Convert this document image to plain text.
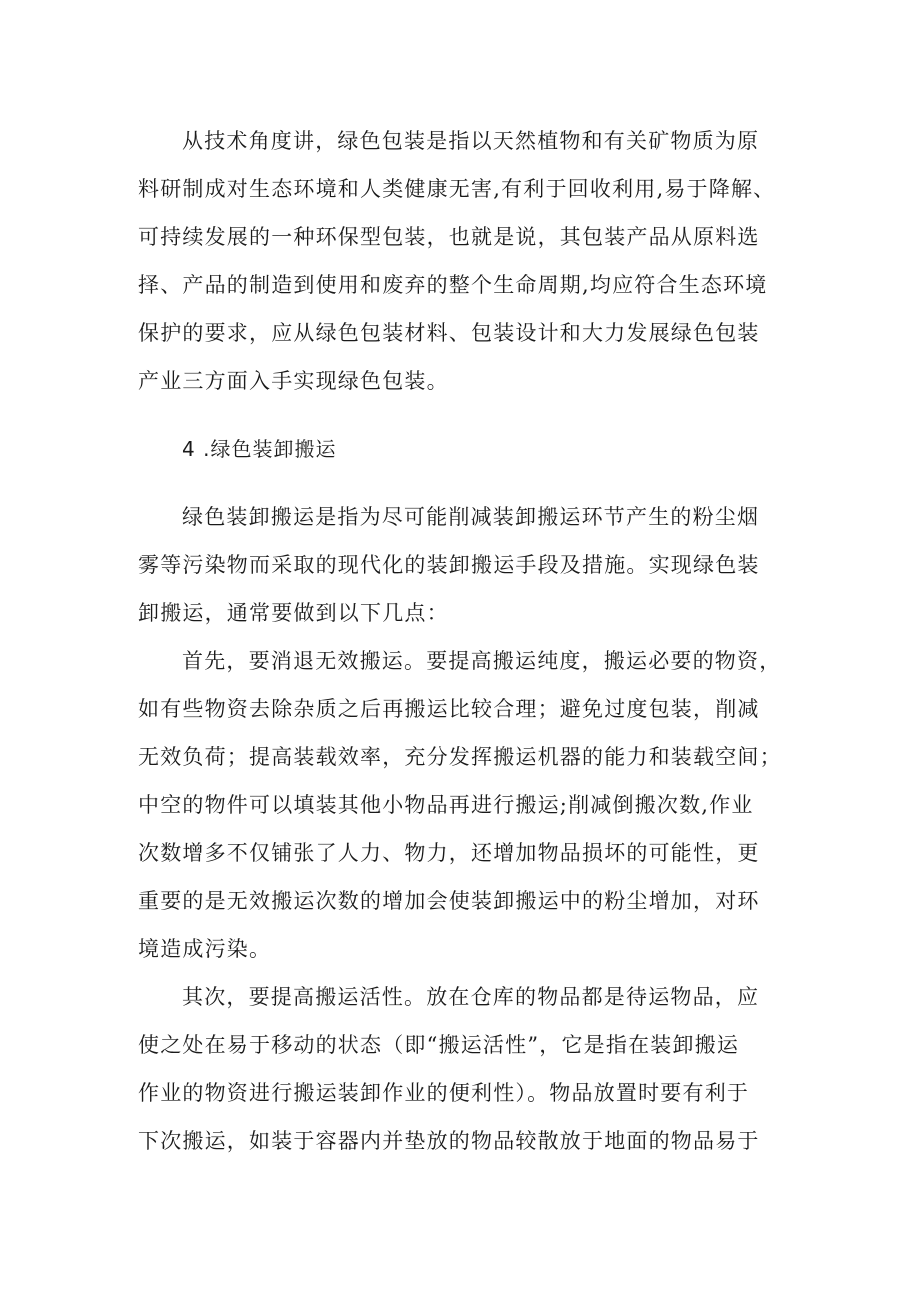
从技术角度讲，绿色包装是指以天然植物和有关矿物质为原
料研制成对生态环境和人类健康无害,有利于回收利用,易于降解、
可持续发展的一种环保型包装，也就是说，其包装产品从原料选
择、产品的制造到使用和废弃的整个生命周期,均应符合生态环境
保护的要求，应从绿色包装材料、包装设计和大力发展绿色包装
产业三方面入手实现绿色包装。
4 .绿色装卸搬运
绿色装卸搬运是指为尽可能削减装卸搬运环节产生的粉尘烟
雾等污染物而采取的现代化的装卸搬运手段及措施。实现绿色装
卸搬运，通常要做到以下几点：
首先，要消退无效搬运。要提高搬运纯度，搬运必要的物资，
如有些物资去除杂质之后再搬运比较合理；避免过度包装，削减
无效负荷；提高装载效率，充分发挥搬运机器的能力和装载空间；
中空的物件可以填装其他小物品再进行搬运;削减倒搬次数,作业
次数增多不仅铺张了人力、物力，还增加物品损坏的可能性，更
重要的是无效搬运次数的增加会使装卸搬运中的粉尘增加，对环
境造成污染。
其次，要提高搬运活性。放在仓库的物品都是待运物品，应
使之处在易于移动的状态（即“搬运活性”，它是指在装卸搬运
作业的物资进行搬运装卸作业的便利性）。物品放置时要有利于
下次搬运，如装于容器内并垫放的物品较散放于地面的物品易于
